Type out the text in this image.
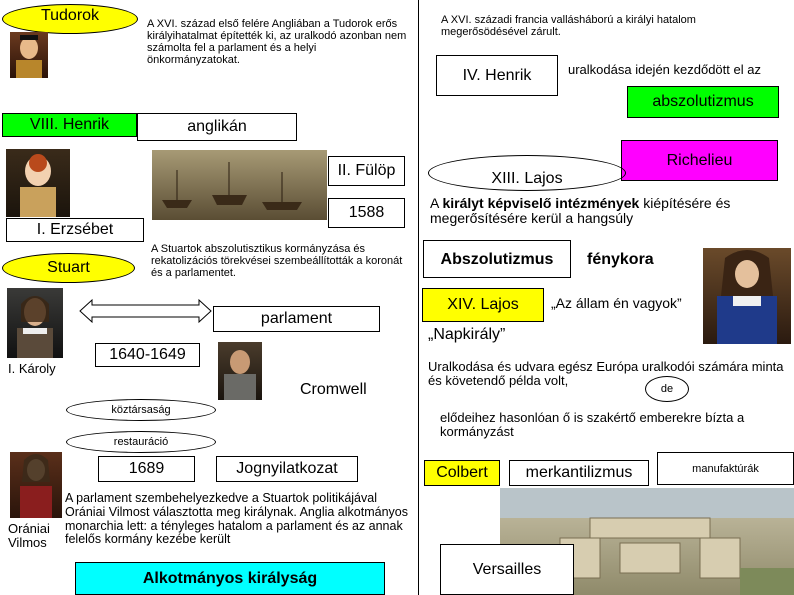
Tudorok	A XVI. század első felére Angliában a Tudorok erős királyihatalmat építették ki, az uralkodó azonban nem számolta fel a parlament és a helyi önkormányzatokat.
VIII. Henrik	anglikán
II. Fülöp
1588
I. Erzsébet
Stuart
A Stuartok abszolutisztikus kormányzása és rekatolizációs törekvései szembeállították a koronát és a parlamentet.
parlament
1640-1649
I. Károly
Cromwell
köztársaság
restauráció
1689	Jognyilatkozat
A parlament szembehelyezkedve a Stuartok politikájával Orániai Vilmost választotta meg királynak. Anglia alkotmányos monarchia lett: a tényleges hatalom a parlament és az annak felelős kormány kezébe került
Orániai Vilmos
Alkotmányos királyság
A XVI. századi francia vallásháború a királyi hatalom megerősödésével zárult.
IV. Henrik	uralkodása idején kezdődött el az
abszolutizmus
Richelieu
XIII. Lajos
A királyt képviselő intézmények kiépítésére és megerősítésére kerül a hangsúly
Abszolutizmus fénykora
XIV. Lajos „Az állam én vagyok”
„Napkirály”
Uralkodása és udvara egész Európa uralkodói számára minta és követendő példa volt,
de
elődeihez hasonlóan ő is szakértő emberekre bízta a kormányzást
Colbert merkantilizmus	manufaktúrák
Versailles
